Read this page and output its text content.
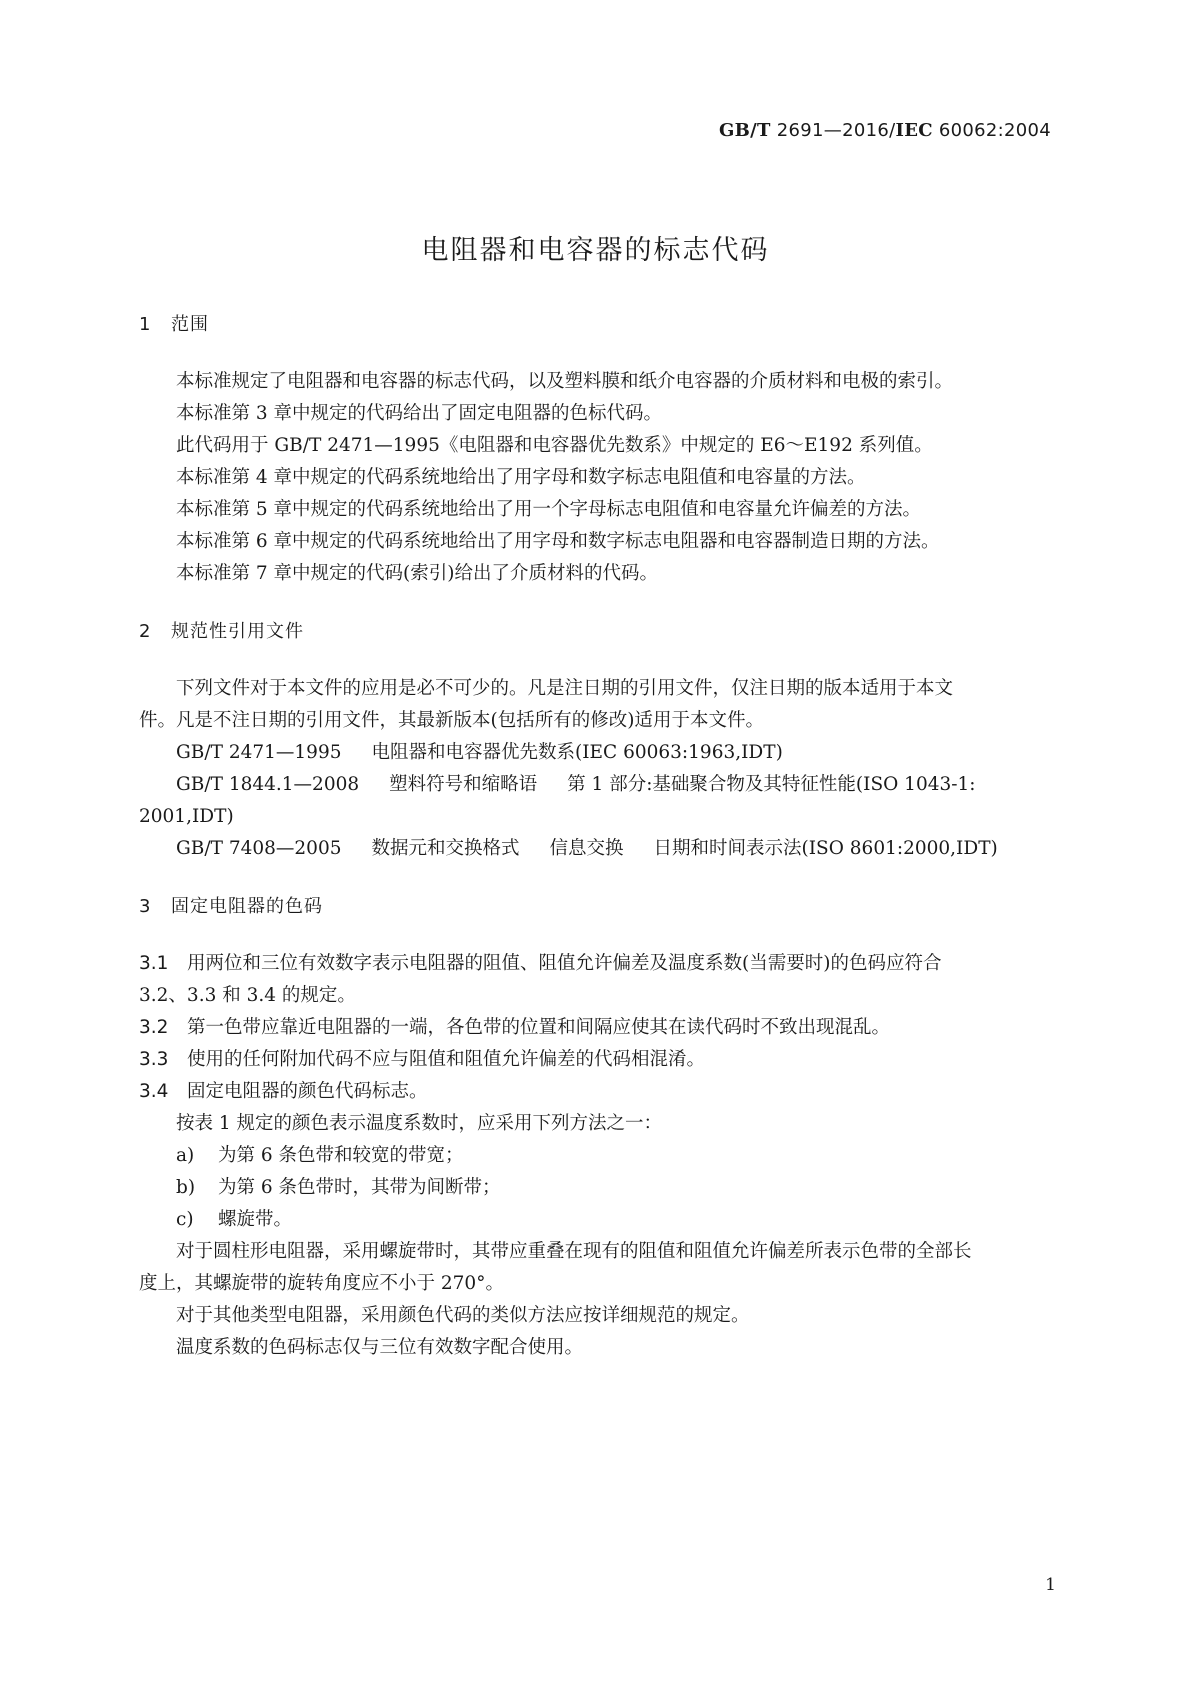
GB/T 2691—2016/IEC 60062:2004
电阻器和电容器的标志代码
1 范围
本标准规定了电阻器和电容器的标志代码，以及塑料膜和纸介电容器的介质材料和电极的索引。
本标准第 3 章中规定的代码给出了固定电阻器的色标代码。
此代码用于 GB/T 2471—1995《电阻器和电容器优先数系》中规定的 E6～E192 系列值。
本标准第 4 章中规定的代码系统地给出了用字母和数字标志电阻值和电容量的方法。
本标准第 5 章中规定的代码系统地给出了用一个字母标志电阻值和电容量允许偏差的方法。
本标准第 6 章中规定的代码系统地给出了用字母和数字标志电阻器和电容器制造日期的方法。
本标准第 7 章中规定的代码(索引)给出了介质材料的代码。
2 规范性引用文件
下列文件对于本文件的应用是必不可少的。凡是注日期的引用文件，仅注日期的版本适用于本文
件。凡是不注日期的引用文件，其最新版本(包括所有的修改)适用于本文件。
GB/T 2471—1995 电阻器和电容器优先数系(IEC 60063:1963,IDT)
GB/T 1844.1—2008 塑料符号和缩略语 第 1 部分:基础聚合物及其特征性能(ISO 1043-1:
2001,IDT)
GB/T 7408—2005 数据元和交换格式 信息交换 日期和时间表示法(ISO 8601:2000,IDT)
3 固定电阻器的色码
3.1 用两位和三位有效数字表示电阻器的阻值、阻值允许偏差及温度系数(当需要时)的色码应符合
3.2、3.3 和 3.4 的规定。
3.2 第一色带应靠近电阻器的一端，各色带的位置和间隔应使其在读代码时不致出现混乱。
3.3 使用的任何附加代码不应与阻值和阻值允许偏差的代码相混淆。
3.4 固定电阻器的颜色代码标志。
按表 1 规定的颜色表示温度系数时，应采用下列方法之一：
a) 为第 6 条色带和较宽的带宽；
b) 为第 6 条色带时，其带为间断带；
c) 螺旋带。
对于圆柱形电阻器，采用螺旋带时，其带应重叠在现有的阻值和阻值允许偏差所表示色带的全部长
度上，其螺旋带的旋转角度应不小于 270°。
对于其他类型电阻器，采用颜色代码的类似方法应按详细规范的规定。
温度系数的色码标志仅与三位有效数字配合使用。
1
